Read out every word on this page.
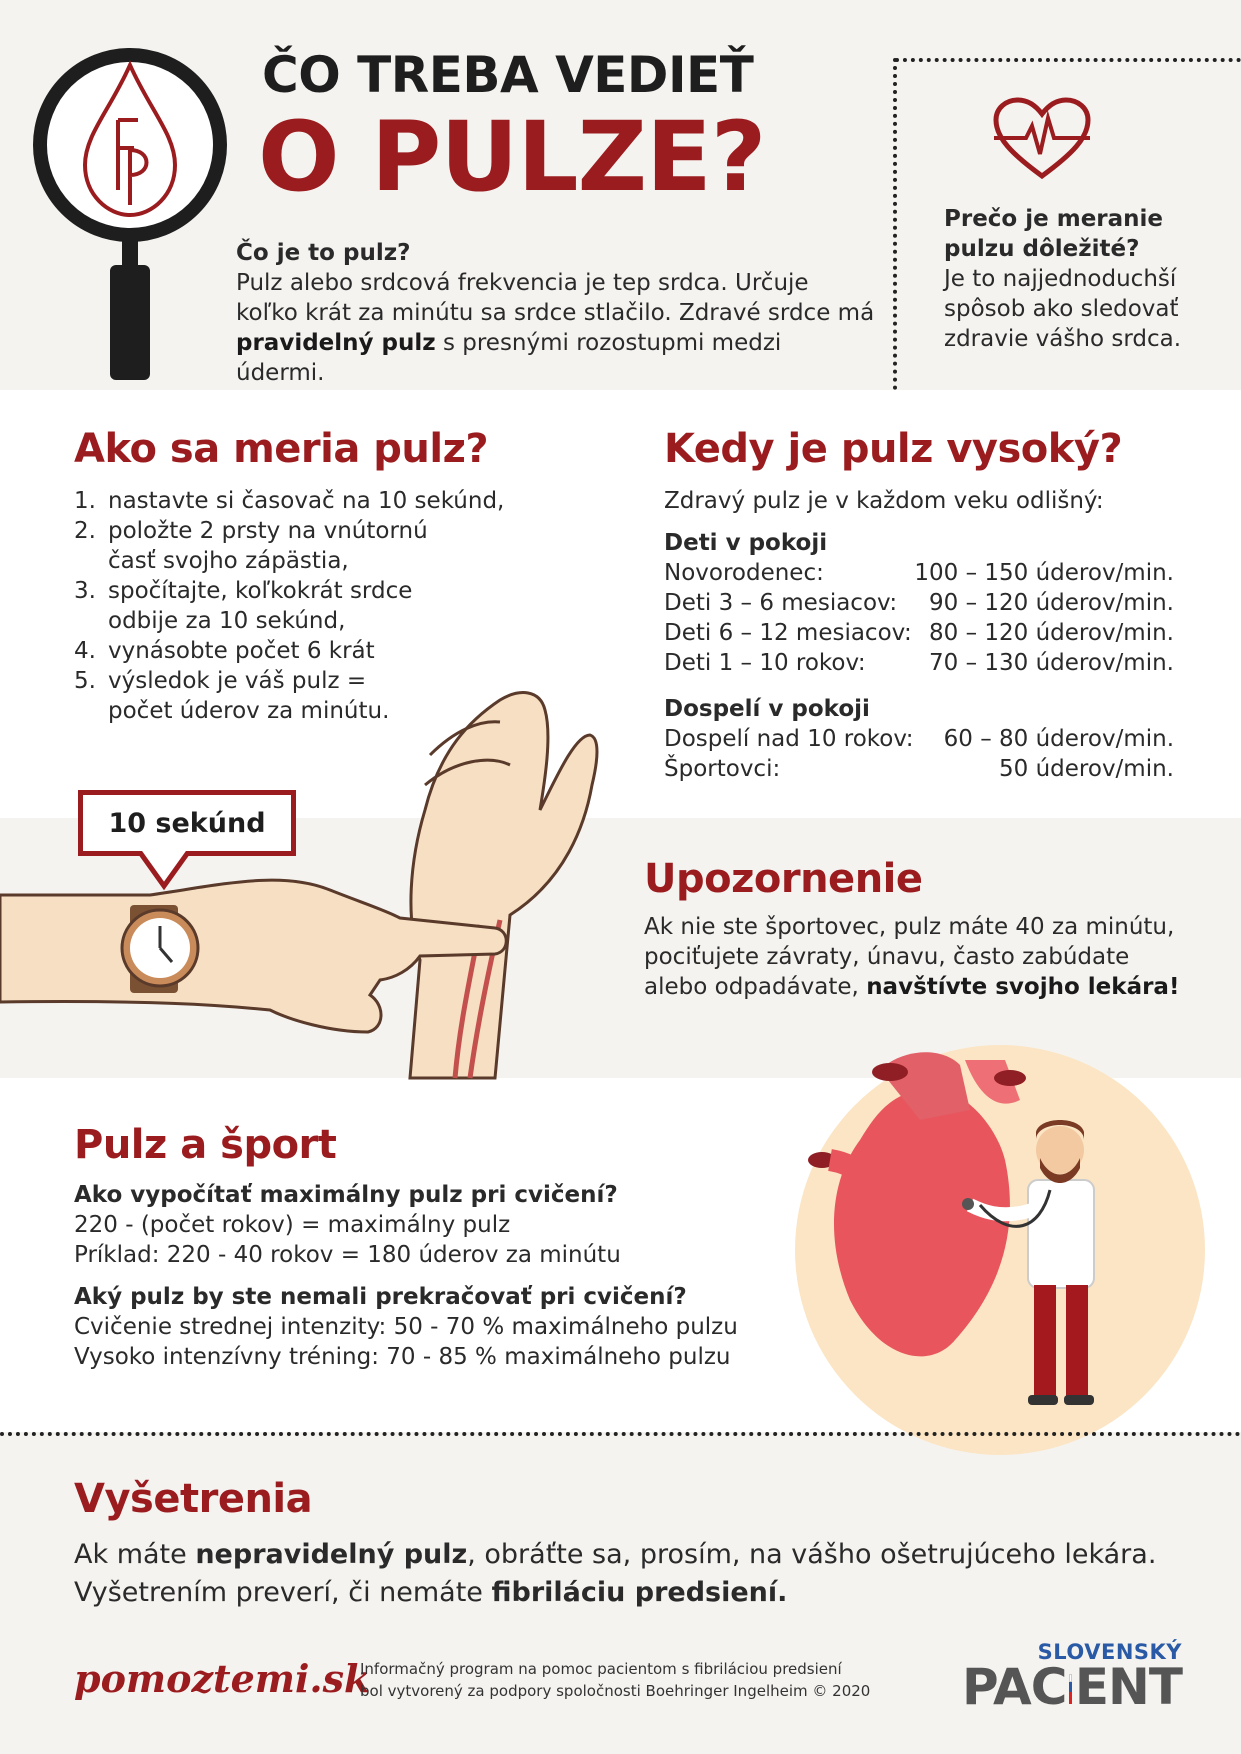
ČO TREBA VEDIEŤ
O PULZE?
Čo je to pulz?
Pulz alebo srdcová frekvencia je tep srdca. Určuje koľko krát za minútu sa srdce stlačilo. Zdravé srdce má pravidelný pulz s presnými rozostupmi medzi údermi.
Prečo je meranie pulzu dôležité?
Je to najjednoduchší spôsob ako sledovať zdravie vášho srdca.
Ako sa meria pulz?
1. nastavte si časovač na 10 sekúnd,
2. položte 2 prsty na vnútornú časť svojho zápästia,
3. spočítajte, koľkokrát srdce odbije za 10 sekúnd,
4. vynásobte počet 6 krát
5. výsledok je váš pulz = počet úderov za minútu.
10 sekúnd
Kedy je pulz vysoký?
Zdravý pulz je v každom veku odlišný:
Deti v pokoji
Novorodenec:	100 – 150 úderov/min.
Deti 3 – 6 mesiacov: 90 – 120 úderov/min.
Deti 6 – 12 mesiacov: 80 – 120 úderov/min.
Deti 1 – 10 rokov:	70 – 130 úderov/min.
Dospelí v pokoji
Dospelí nad 10 rokov: 60 – 80 úderov/min.
Športovci:	50 úderov/min.
Upozornenie
Ak nie ste športovec, pulz máte 40 za minútu, pociťujete závraty, únavu, často zabúdate alebo odpadávate, navštívte svojho lekára!
Pulz a šport
Ako vypočítať maximálny pulz pri cvičení?
220 - (počet rokov) = maximálny pulz
Príklad: 220 - 40 rokov = 180 úderov za minútu
Aký pulz by ste nemali prekračovať pri cvičení?
Cvičenie strednej intenzity: 50 - 70 % maximálneho pulzu
Vysoko intenzívny tréning: 70 - 85 % maximálneho pulzu
Vyšetrenia
Ak máte nepravidelný pulz, obráťte sa, prosím, na vášho ošetrujúceho lekára.
Vyšetrením preverí, či nemáte fibriláciu predsiení.
pomoztemi.sk
Informačný program na pomoc pacientom s fibriláciou predsiení
bol vytvorený za podpory spoločnosti Boehringer Ingelheim © 2020
SLOVENSKÝ
PAC ENT
